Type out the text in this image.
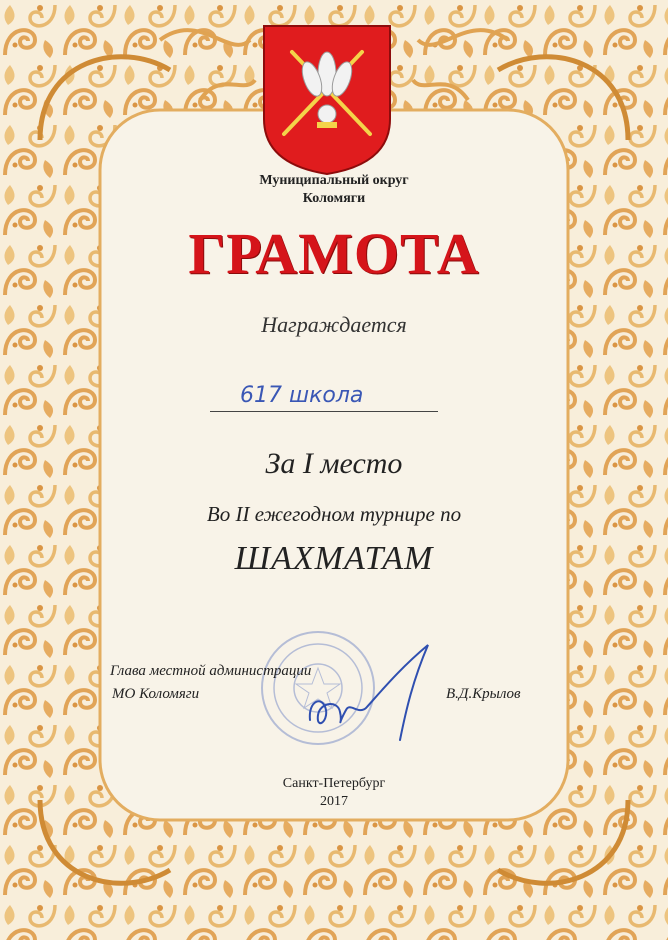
Муниципальный округ
Коломяги
ГРАМОТА
Награждается
617 школа
За I место
Во II ежегодном турнире по
ШАХМАТАМ
Глава местной администрации
МО Коломяги	В.Д.Крылов
Санкт-Петербург
2017
